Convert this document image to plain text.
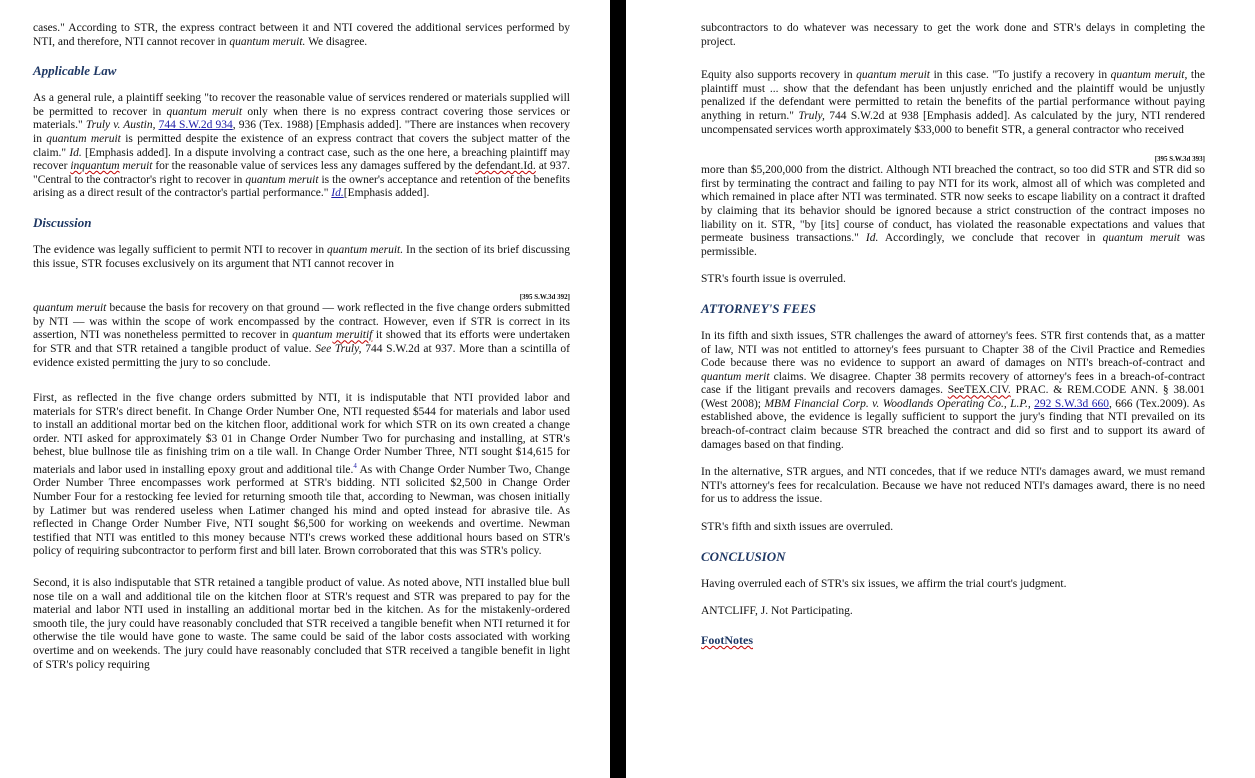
cases." According to STR, the express contract between it and NTI covered the additional services performed by NTI, and therefore, NTI cannot recover in quantum meruit. We disagree.

Applicable Law

As a general rule, a plaintiff seeking "to recover the reasonable value of services rendered or materials supplied will be permitted to recover in quantum meruit only when there is no express contract covering those services or materials." Truly v. Austin, 744 S.W.2d 934, 936 (Tex. 1988) [Emphasis added]. "There are instances when recovery in quantum meruit is permitted despite the existence of an express contract that covers the subject matter of the claim." Id. [Emphasis added]. In a dispute involving a contract case, such as the one here, a breaching plaintiff may recover inquantum meruit for the reasonable value of services less any damages suffered by the defendant.Id. at 937. "Central to the contractor's right to recover in quantum meruit is the owner's acceptance and retention of the benefits arising as a direct result of the contractor's partial performance." Id.[Emphasis added].

Discussion

The evidence was legally sufficient to permit NTI to recover in quantum meruit. In the section of its brief discussing this issue, STR focuses exclusively on its argument that NTI cannot recover in

[395 S.W.3d 392]

quantum meruit because the basis for recovery on that ground — work reflected in the five change orders submitted by NTI — was within the scope of work encompassed by the contract. However, even if STR is correct in its assertion, NTI was nonetheless permitted to recover in quantum meruitif it showed that its efforts were undertaken for STR and that STR retained a tangible product of value. See Truly, 744 S.W.2d at 937. More than a scintilla of evidence existed permitting the jury to so conclude.

First, as reflected in the five change orders submitted by NTI, it is indisputable that NTI provided labor and materials for STR's direct benefit. In Change Order Number One, NTI requested $544 for materials and labor used to install an additional mortar bed on the kitchen floor, additional work for which STR on its own created a change order. NTI asked for approximately $3 01 in Change Order Number Two for purchasing and installing, at STR's behest, blue bullnose tile as finishing trim on a tile wall. In Change Order Number Three, NTI sought $14,615 for materials and labor used in installing epoxy grout and additional tile.$^4$ As with Change Order Number Two, Change Order Number Three encompasses work performed at STR's bidding. NTI solicited $2,500 in Change Order Number Four for a restocking fee levied for returning smooth tile that, according to Newman, was chosen initially by Latimer but was rendered useless when Latimer changed his mind and opted instead for abrasive tile. As reflected in Change Order Number Five, NTI sought $6,500 for working on weekends and overtime. Newman testified that NTI was entitled to this money because NTI's crews worked these additional hours based on STR's policy of requiring subcontractor to perform first and bill later. Brown corroborated that this was STR's policy.

Second, it is also indisputable that STR retained a tangible product of value. As noted above, NTI installed blue bull nose tile on a wall and additional tile on the kitchen floor at STR's request and STR was prepared to pay for the material and labor NTI used in installing an additional mortar bed in the kitchen. As for the mistakenly-ordered smooth tile, the jury could have reasonably concluded that STR received a tangible benefit when NTI returned it for otherwise the tile would have gone to waste. The same could be said of the labor costs associated with working overtime and on weekends. The jury could have reasonably concluded that STR received a tangible benefit in light of STR's policy requiring

subcontractors to do whatever was necessary to get the work done and STR's delays in completing the project.

Equity also supports recovery in quantum meruit in this case. "To justify a recovery in quantum meruit, the plaintiff must ... show that the defendant has been unjustly enriched and the plaintiff would be unjustly penalized if the defendant were permitted to retain the benefits of the partial performance without paying anything in return." Truly, 744 S.W.2d at 938 [Emphasis added]. As calculated by the jury, NTI rendered uncompensated services worth approximately $33,000 to benefit STR, a general contractor who received

[395 S.W.3d 393]

more than $5,200,000 from the district. Although NTI breached the contract, so too did STR and STR did so first by terminating the contract and failing to pay NTI for its work, almost all of which was completed and which remained in place after NTI was terminated. STR now seeks to escape liability on a contract it drafted by claiming that its behavior should be ignored because a strict construction of the contract imposes no liability on it. STR, "by [its] course of conduct, has violated the reasonable expectations and values that permeate business transactions." Id. Accordingly, we conclude that recover in quantum meruit was permissible.

STR's fourth issue is overruled.

ATTORNEY'S FEES

In its fifth and sixth issues, STR challenges the award of attorney's fees. STR first contends that, as a matter of law, NTI was not entitled to attorney's fees pursuant to Chapter 38 of the Civil Practice and Remedies Code because there was no evidence to support an award of damages on NTI's breach-of-contract and quantum merit claims. We disagree. Chapter 38 permits recovery of attorney's fees in a breach-of-contract case if the litigant prevails and recovers damages. SeeTEX.CIV. PRAC. & REM.CODE ANN. § 38.001 (West 2008); MBM Financial Corp. v. Woodlands Operating Co., L.P., 292 S.W.3d 660, 666 (Tex.2009). As established above, the evidence is legally sufficient to support the jury's finding that NTI prevailed on its breach-of-contract claim because STR breached the contract and did so first and to support its award of damages based on that finding.

In the alternative, STR argues, and NTI concedes, that if we reduce NTI's damages award, we must remand NTI's attorney's fees for recalculation. Because we have not reduced NTI's damages award, there is no need for us to address the issue.

STR's fifth and sixth issues are overruled.

CONCLUSION

Having overruled each of STR's six issues, we affirm the trial court's judgment.

ANTCLIFF, J. Not Participating.

FootNotes
